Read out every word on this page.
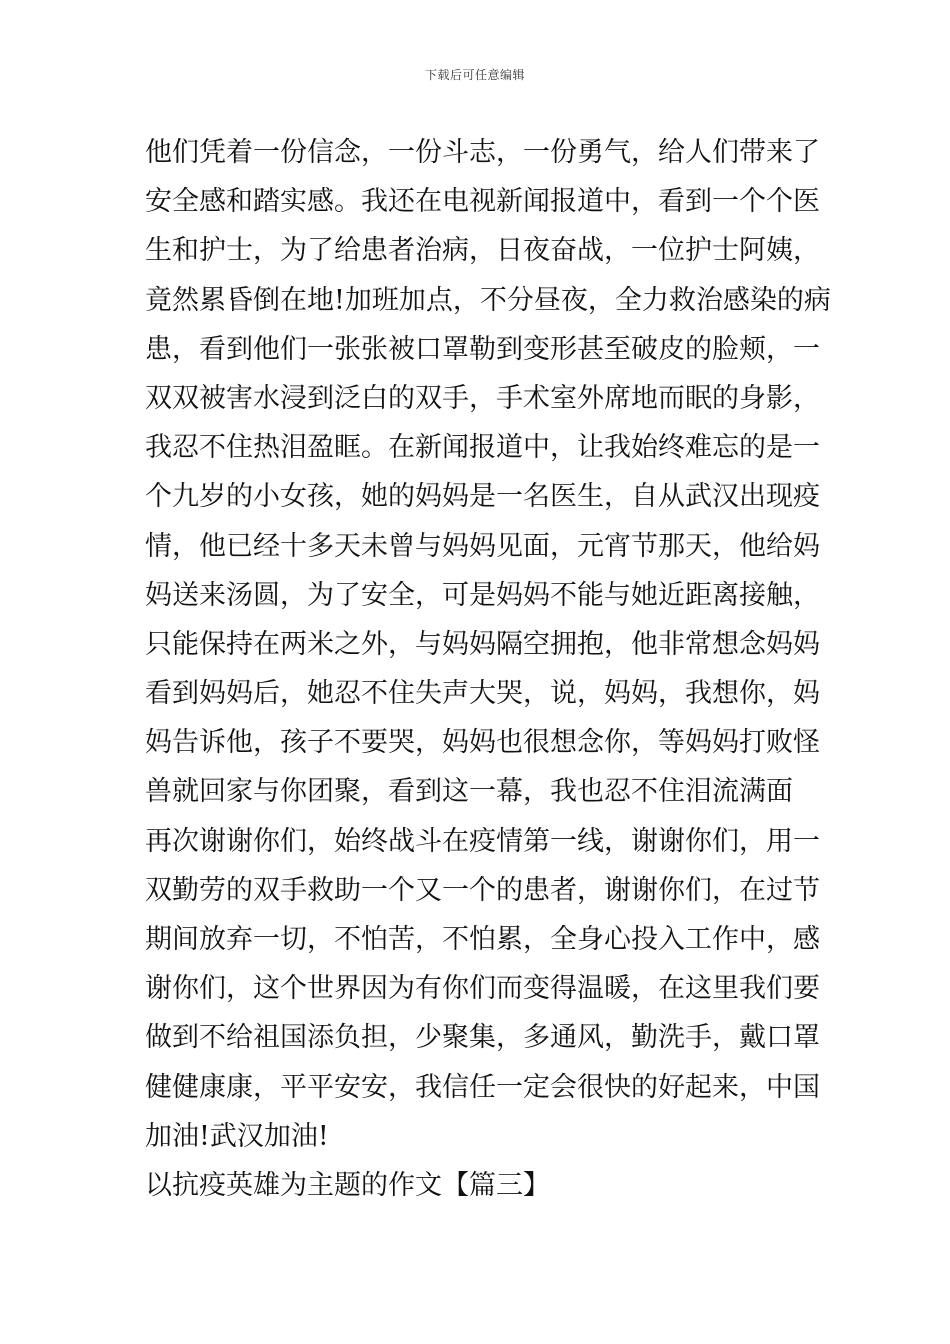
下载后可任意编辑
他们凭着一份信念，一份斗志，一份勇气，给人们带来了
安全感和踏实感。我还在电视新闻报道中，看到一个个医
生和护士，为了给患者治病，日夜奋战，一位护士阿姨，
竟然累昏倒在地!加班加点，不分昼夜，全力救治感染的病
患，看到他们一张张被口罩勒到变形甚至破皮的脸颊，一
双双被害水浸到泛白的双手，手术室外席地而眠的身影，
我忍不住热泪盈眶。在新闻报道中，让我始终难忘的是一
个九岁的小女孩，她的妈妈是一名医生，自从武汉出现疫
情，他已经十多天未曾与妈妈见面，元宵节那天，他给妈
妈送来汤圆，为了安全，可是妈妈不能与她近距离接触，
只能保持在两米之外，与妈妈隔空拥抱，他非常想念妈妈
看到妈妈后，她忍不住失声大哭，说，妈妈，我想你，妈
妈告诉他，孩子不要哭，妈妈也很想念你，等妈妈打败怪
兽就回家与你团聚，看到这一幕，我也忍不住泪流满面
再次谢谢你们，始终战斗在疫情第一线，谢谢你们，用一
双勤劳的双手救助一个又一个的患者，谢谢你们，在过节
期间放弃一切，不怕苦，不怕累，全身心投入工作中，感
谢你们，这个世界因为有你们而变得温暖，在这里我们要
做到不给祖国添负担，少聚集，多通风，勤洗手，戴口罩
健健康康，平平安安，我信任一定会很快的好起来，中国
加油!武汉加油!
以抗疫英雄为主题的作文【篇三】
